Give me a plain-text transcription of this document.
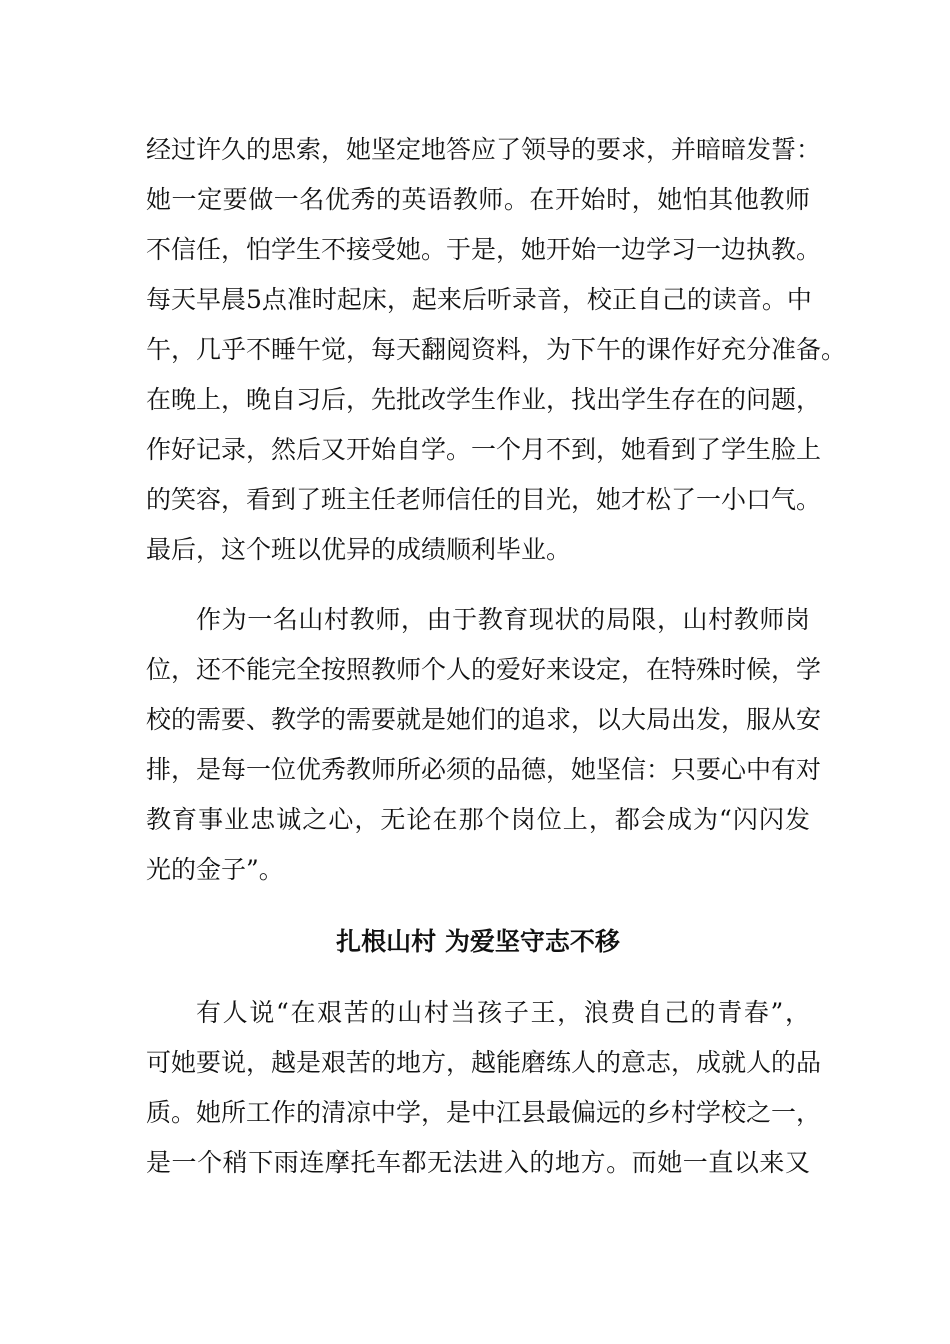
经过许久的思索，她坚定地答应了领导的要求，并暗暗发誓：
她一定要做一名优秀的英语教师。在开始时，她怕其他教师
不信任，怕学生不接受她。于是，她开始一边学习一边执教。
每天早晨5点准时起床，起来后听录音，校正自己的读音。中
午，几乎不睡午觉，每天翻阅资料，为下午的课作好充分准备。
在晚上，晚自习后，先批改学生作业，找出学生存在的问题，
作好记录，然后又开始自学。一个月不到，她看到了学生脸上
的笑容，看到了班主任老师信任的目光，她才松了一小口气。
最后，这个班以优异的成绩顺利毕业。
作为一名山村教师，由于教育现状的局限，山村教师岗
位，还不能完全按照教师个人的爱好来设定，在特殊时候，学
校的需要、教学的需要就是她们的追求，以大局出发，服从安
排，是每一位优秀教师所必须的品德，她坚信：只要心中有对
教育事业忠诚之心，无论在那个岗位上，都会成为“闪闪发
光的金子”。
扎根山村 为爱坚守志不移
有人说“在艰苦的山村当孩子王，浪费自己的青春”，
可她要说，越是艰苦的地方，越能磨练人的意志，成就人的品
质。她所工作的清凉中学，是中江县最偏远的乡村学校之一，
是一个稍下雨连摩托车都无法进入的地方。而她一直以来又
